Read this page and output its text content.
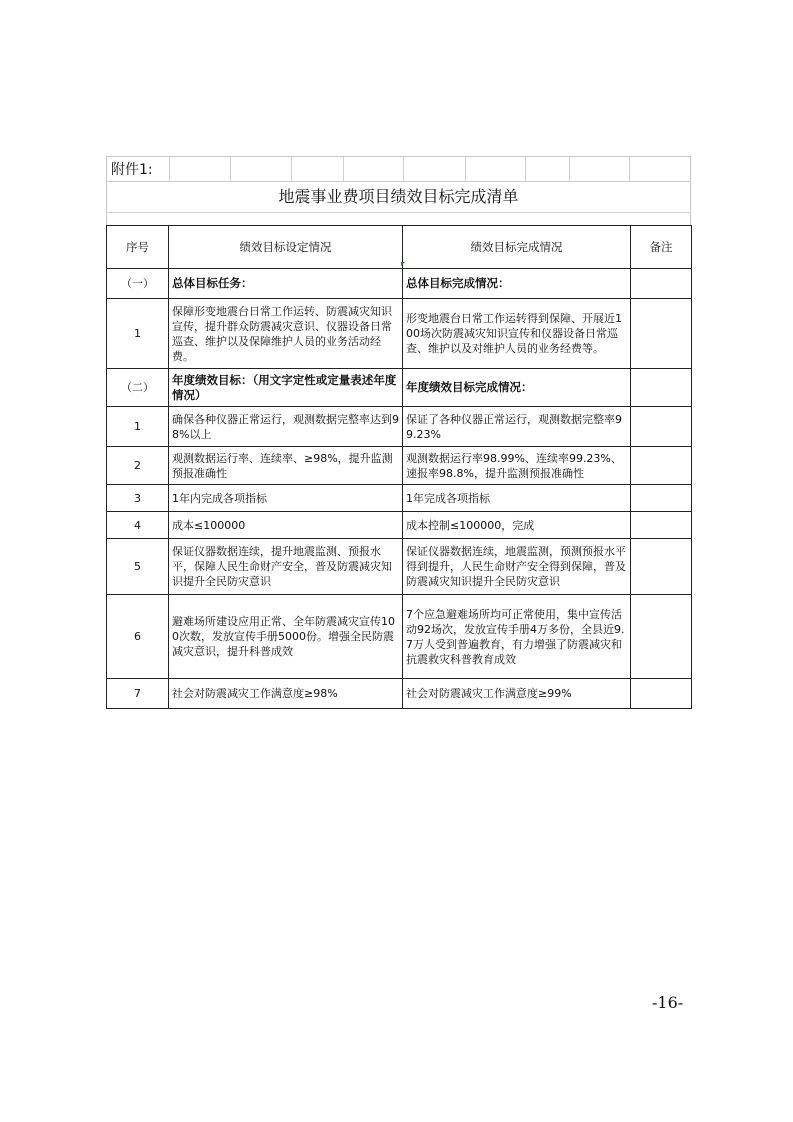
附件1:
地震事业费项目绩效目标完成清单
序号	绩效目标设定情况	绩效目标完成情况	备注
（一）	总体目标任务：	总体目标完成情况：	
1	保障形变地震台日常工作运转、防震减灾知识宣传，提升群众防震减灾意识、仪器设备日常巡查、维护以及保障维护人员的业务活动经费。	形变地震台日常工作运转得到保障、开展近100场次防震减灾知识宣传和仪器设备日常巡查、维护以及对维护人员的业务经费等。	
（二）	年度绩效目标：（用文字定性或定量表述年度情况）	年度绩效目标完成情况：	
1	确保各种仪器正常运行，观测数据完整率达到98%以上	保证了各种仪器正常运行，观测数据完整率99.23%	
2	观测数据运行率、连续率、≥98%，提升监测预报准确性	观测数据运行率98.99%、连续率99.23%、速报率98.8%，提升监测预报准确性	
3	1年内完成各项指标	1年完成各项指标	
4	成本≤100000	成本控制≤100000，完成	
5	保证仪器数据连续，提升地震监测、预报水平，保障人民生命财产安全，普及防震减灾知识提升全民防灾意识	保证仪器数据连续，地震监测，预测预报水平得到提升，人民生命财产安全得到保障，普及防震减灾知识提升全民防灾意识	
6	避难场所建设应用正常、全年防震减灾宣传100次数，发放宣传手册5000份。增强全民防震减灾意识，提升科普成效	7个应急避难场所均可正常使用，集中宣传活动92场次，发放宣传手册4万多份，全县近9.7万人受到普遍教育，有力增强了防震减灾和抗震救灾科普教育成效	
7	社会对防震减灾工作满意度≥98%	社会对防震减灾工作满意度≥99%	
-16-
